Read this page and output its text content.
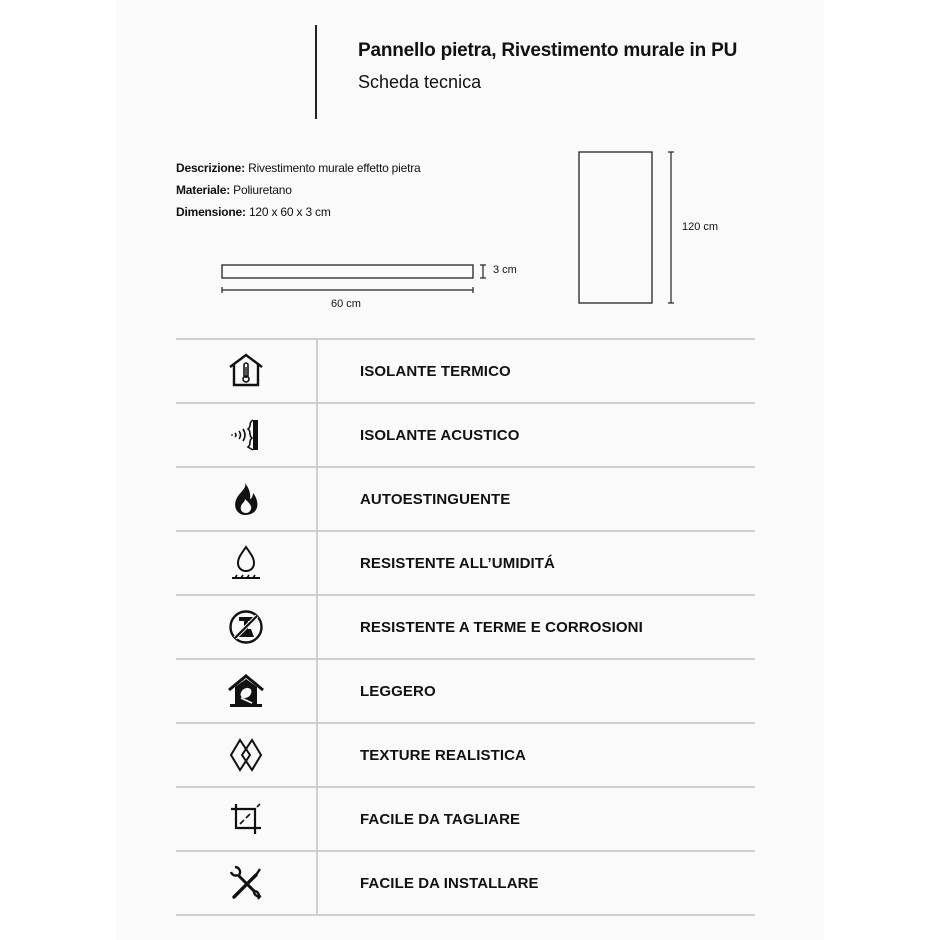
Pannello pietra, Rivestimento murale in PU
Scheda tecnica
Descrizione: Rivestimento murale effetto pietra
Materiale: Poliuretano
Dimensione: 120 x 60 x 3 cm
3 cm
60 cm
120 cm
ISOLANTE TERMICO
ISOLANTE ACUSTICO
AUTOESTINGUENTE
RESISTENTE ALL’UMIDITÁ
RESISTENTE A TERME E CORROSIONI
LEGGERO
TEXTURE REALISTICA
FACILE DA TAGLIARE
FACILE DA INSTALLARE
